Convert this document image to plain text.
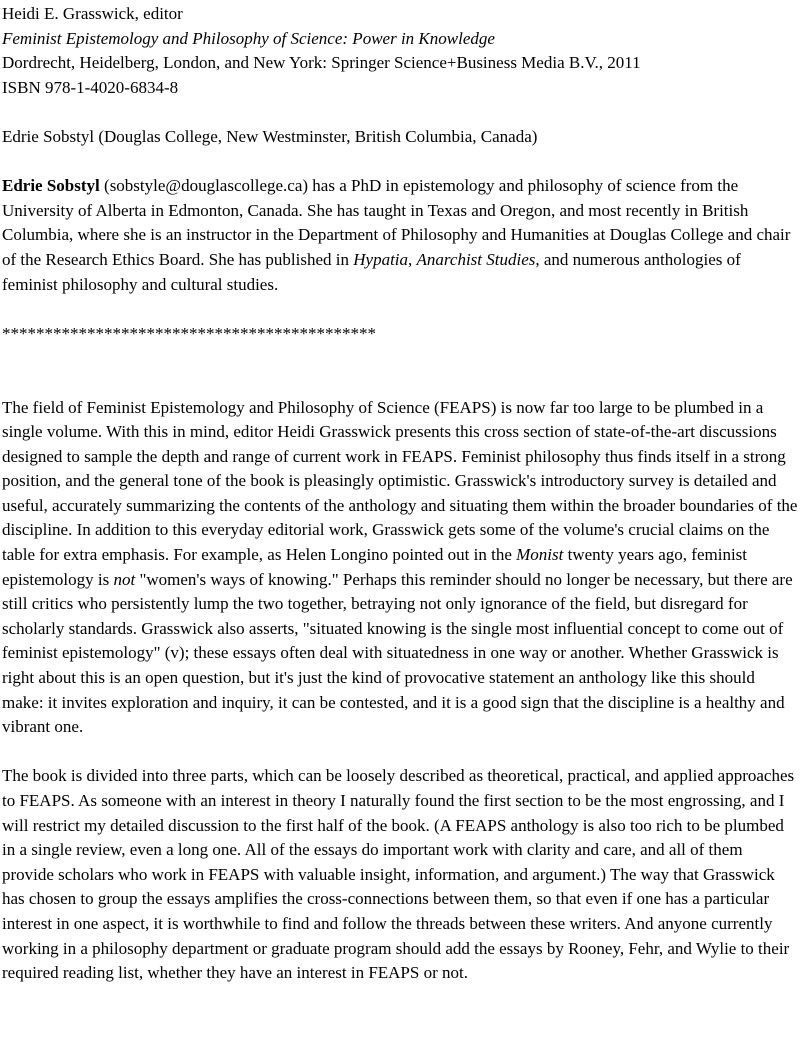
Heidi E. Grasswick, editor
Feminist Epistemology and Philosophy of Science: Power in Knowledge
Dordrecht, Heidelberg, London, and New York: Springer Science+Business Media B.V., 2011
ISBN 978-1-4020-6834-8

Edrie Sobstyl (Douglas College, New Westminster, British Columbia, Canada)

Edrie Sobstyl (sobstyle@douglascollege.ca) has a PhD in epistemology and philosophy of science from the University of Alberta in Edmonton, Canada. She has taught in Texas and Oregon, and most recently in British Columbia, where she is an instructor in the Department of Philosophy and Humanities at Douglas College and chair of the Research Ethics Board. She has published in Hypatia, Anarchist Studies, and numerous anthologies of feminist philosophy and cultural studies.

********************************************

The field of Feminist Epistemology and Philosophy of Science (FEAPS) is now far too large to be plumbed in a single volume. With this in mind, editor Heidi Grasswick presents this cross section of state-of-the-art discussions designed to sample the depth and range of current work in FEAPS. Feminist philosophy thus finds itself in a strong position, and the general tone of the book is pleasingly optimistic. Grasswick's introductory survey is detailed and useful, accurately summarizing the contents of the anthology and situating them within the broader boundaries of the discipline. In addition to this everyday editorial work, Grasswick gets some of the volume's crucial claims on the table for extra emphasis. For example, as Helen Longino pointed out in the Monist twenty years ago, feminist epistemology is not "women's ways of knowing." Perhaps this reminder should no longer be necessary, but there are still critics who persistently lump the two together, betraying not only ignorance of the field, but disregard for scholarly standards. Grasswick also asserts, "situated knowing is the single most influential concept to come out of feminist epistemology" (v); these essays often deal with situatedness in one way or another. Whether Grasswick is right about this is an open question, but it's just the kind of provocative statement an anthology like this should make: it invites exploration and inquiry, it can be contested, and it is a good sign that the discipline is a healthy and vibrant one.

The book is divided into three parts, which can be loosely described as theoretical, practical, and applied approaches to FEAPS. As someone with an interest in theory I naturally found the first section to be the most engrossing, and I will restrict my detailed discussion to the first half of the book. (A FEAPS anthology is also too rich to be plumbed in a single review, even a long one. All of the essays do important work with clarity and care, and all of them provide scholars who work in FEAPS with valuable insight, information, and argument.) The way that Grasswick has chosen to group the essays amplifies the cross-connections between them, so that even if one has a particular interest in one aspect, it is worthwhile to find and follow the threads between these writers. And anyone currently working in a philosophy department or graduate program should add the essays by Rooney, Fehr, and Wylie to their required reading list, whether they have an interest in FEAPS or not.
